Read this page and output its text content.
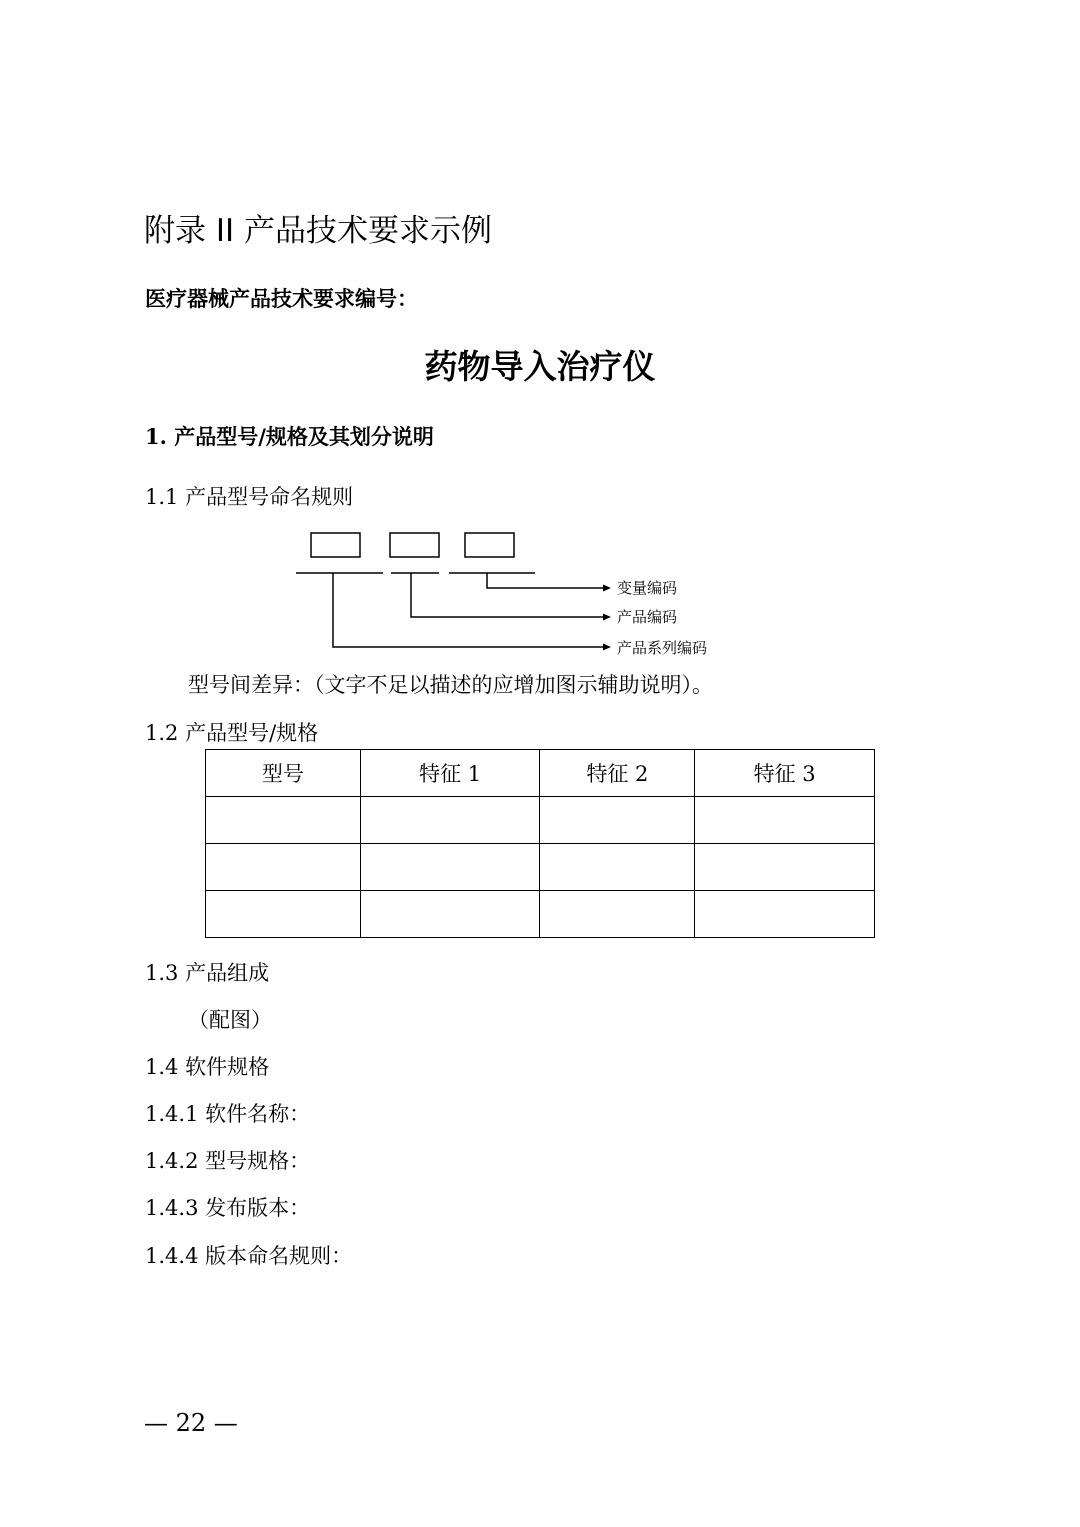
附录 II 产品技术要求示例
医疗器械产品技术要求编号：
药物导入治疗仪
1. 产品型号/规格及其划分说明
1.1 产品型号命名规则
变量编码
产品编码
产品系列编码
型号间差异：（文字不足以描述的应增加图示辅助说明）。
1.2 产品型号/规格
型号	特征 1	特征 2	特征 3

1.3 产品组成
（配图）
1.4 软件规格
1.4.1 软件名称：
1.4.2 型号规格：
1.4.3 发布版本：
1.4.4 版本命名规则：
— 22 —
